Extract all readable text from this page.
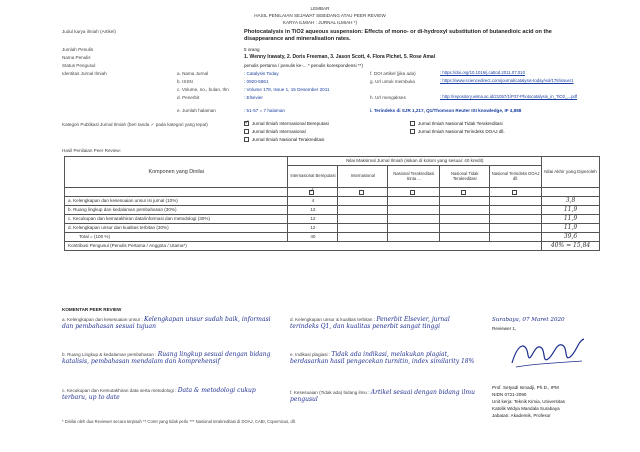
LEMBAR
HASIL PENILAIAN SEJAWAT SEBIDANG ATAU PEER REVIEW
KARYA ILMIAH : JURNAL ILMIAH *)
Judul karya ilmiah (Artikel)	Photocatalysis in TiO2 aqueous suspension: Effects of mono- or di-hydroxyl substitution of butanedioic acid on the disappearance and mineralisation rates.
Jumlah Penulis	5 orang
Nama Penulis	1. Wenny Irawaty, 2. Doris Freeman, 3. Jason Scott, 4. Flora Pichet, 5. Rose Amal
Status Pengusul	penulis pertama / penulis ke-... * penulis korespondensi **)
Identitas Jurnal Ilmiah	a. Nama Jurnal	: Catalysis Today
b. ISSN	: 0920-5861
c. Volume, no., bulan, thn	: Volume 178, Issue 1, 15 Desember 2011
d. Penerbit	: Elsevier
e. Jumlah halaman	: 51-57 = 7 halaman
f. DOI artikel (jika ada)	: https://doi.org/10.1016/j.cattod.2011.07.010
g. Url untuk membuka	: https://www.sciencedirect.com/journal/catalysis-today/vol/178/issue/1
h. Url mengakses	: http://repository.wima.ac.id/21057/1/P37-Photocatalysis_in_TiO2_...pdf
i. Terindeks di SJR 1,217, Q1/Thomson Reuter ISI knowledge, IF 4,888
Kategori Publikasi Jurnal Ilmiah (beri tanda ✓ pada kategori yang tepat) ✓	Jurnal Ilmiah Internasional Bereputasi
Jurnal Ilmiah Internasional
Jurnal Ilmiah Nasional Terakreditasi
Jurnal Ilmiah Nasional Tidak Terakreditasi
Jurnal Ilmiah Nasional Terindeks DOAJ dll.
Hasil Penilaian Peer Review:
Komponen yang Dinilai	Nilai Maksimal Jurnal Ilmiah (isikan di kolom yang sesuai: 40 kredit)					Nilai Akhir yang Diperoleh
	Internasional Bereputasi	Internasional	Nasional Terakreditasi Sinta ...	Nasional Tidak Terakreditasi	Nasional Terindeks DOAJ dll.	
	✓					
a. Kelengkapan dan kesesuaian unsur isi jurnal (10%)	4					3,8
b. Ruang lingkup dan kedalaman pembahasan (30%)	12					11,9
c. Kecukupan dan kemutakhiran data/informasi dan metodologi (30%)	12					11,9
d. Kelengkapan unsur dan kualitas terbitan (30%)	12					11,9
Total = (100 %)	40					39,6
Kontribusi Pengusul (Penulis Pertama / Anggota / Utama*)						40% = 15,84
KOMENTAR PEER REVIEW
a. Kelengkapan dan kesesuaian unsur : Kelengkapan unsur sudah baik, informasi dan pembahasan sesuai tujuan
b. Ruang Lingkup & kedalaman pembahasan : Ruang lingkup sesuai dengan bidang katalisis, pembahasan mendalam dan komprehensif
c. Kecukupan dan Kemutakhiran data serta metodologi : Data & metodologi cukup terbaru, up to date
d. Kelengkapan unsur & kualitas terbitan : Penerbit Elsevier, jurnal terindeks Q1, dan kualitas penerbit sangat tinggi
e. Indikasi plagiasi : Tidak ada indikasi, melakukan plagiat, berdasarkan hasil pengecekan turnitin, index similarity 18%
f. Kesesuaian (Tidak ada) bidang ilmu : Artikel sesuai dengan bidang ilmu pengusul
* Dinilai oleh dua Reviewer secara terpisah ** Coret yang tidak perlu *** Nasional terakreditasi di DOAJ, CABI, Copernicus, dll.
Surabaya, 07 Maret 2020
Reviewer 1,
Prof. Setyadi Ismadji, Ph.D., IPM
NIDN 0721-2090
Unit kerja: Teknik Kimia, Universitas
Katolik Widya Mandala Surabaya
Jabatan: Akademik, Profesor
